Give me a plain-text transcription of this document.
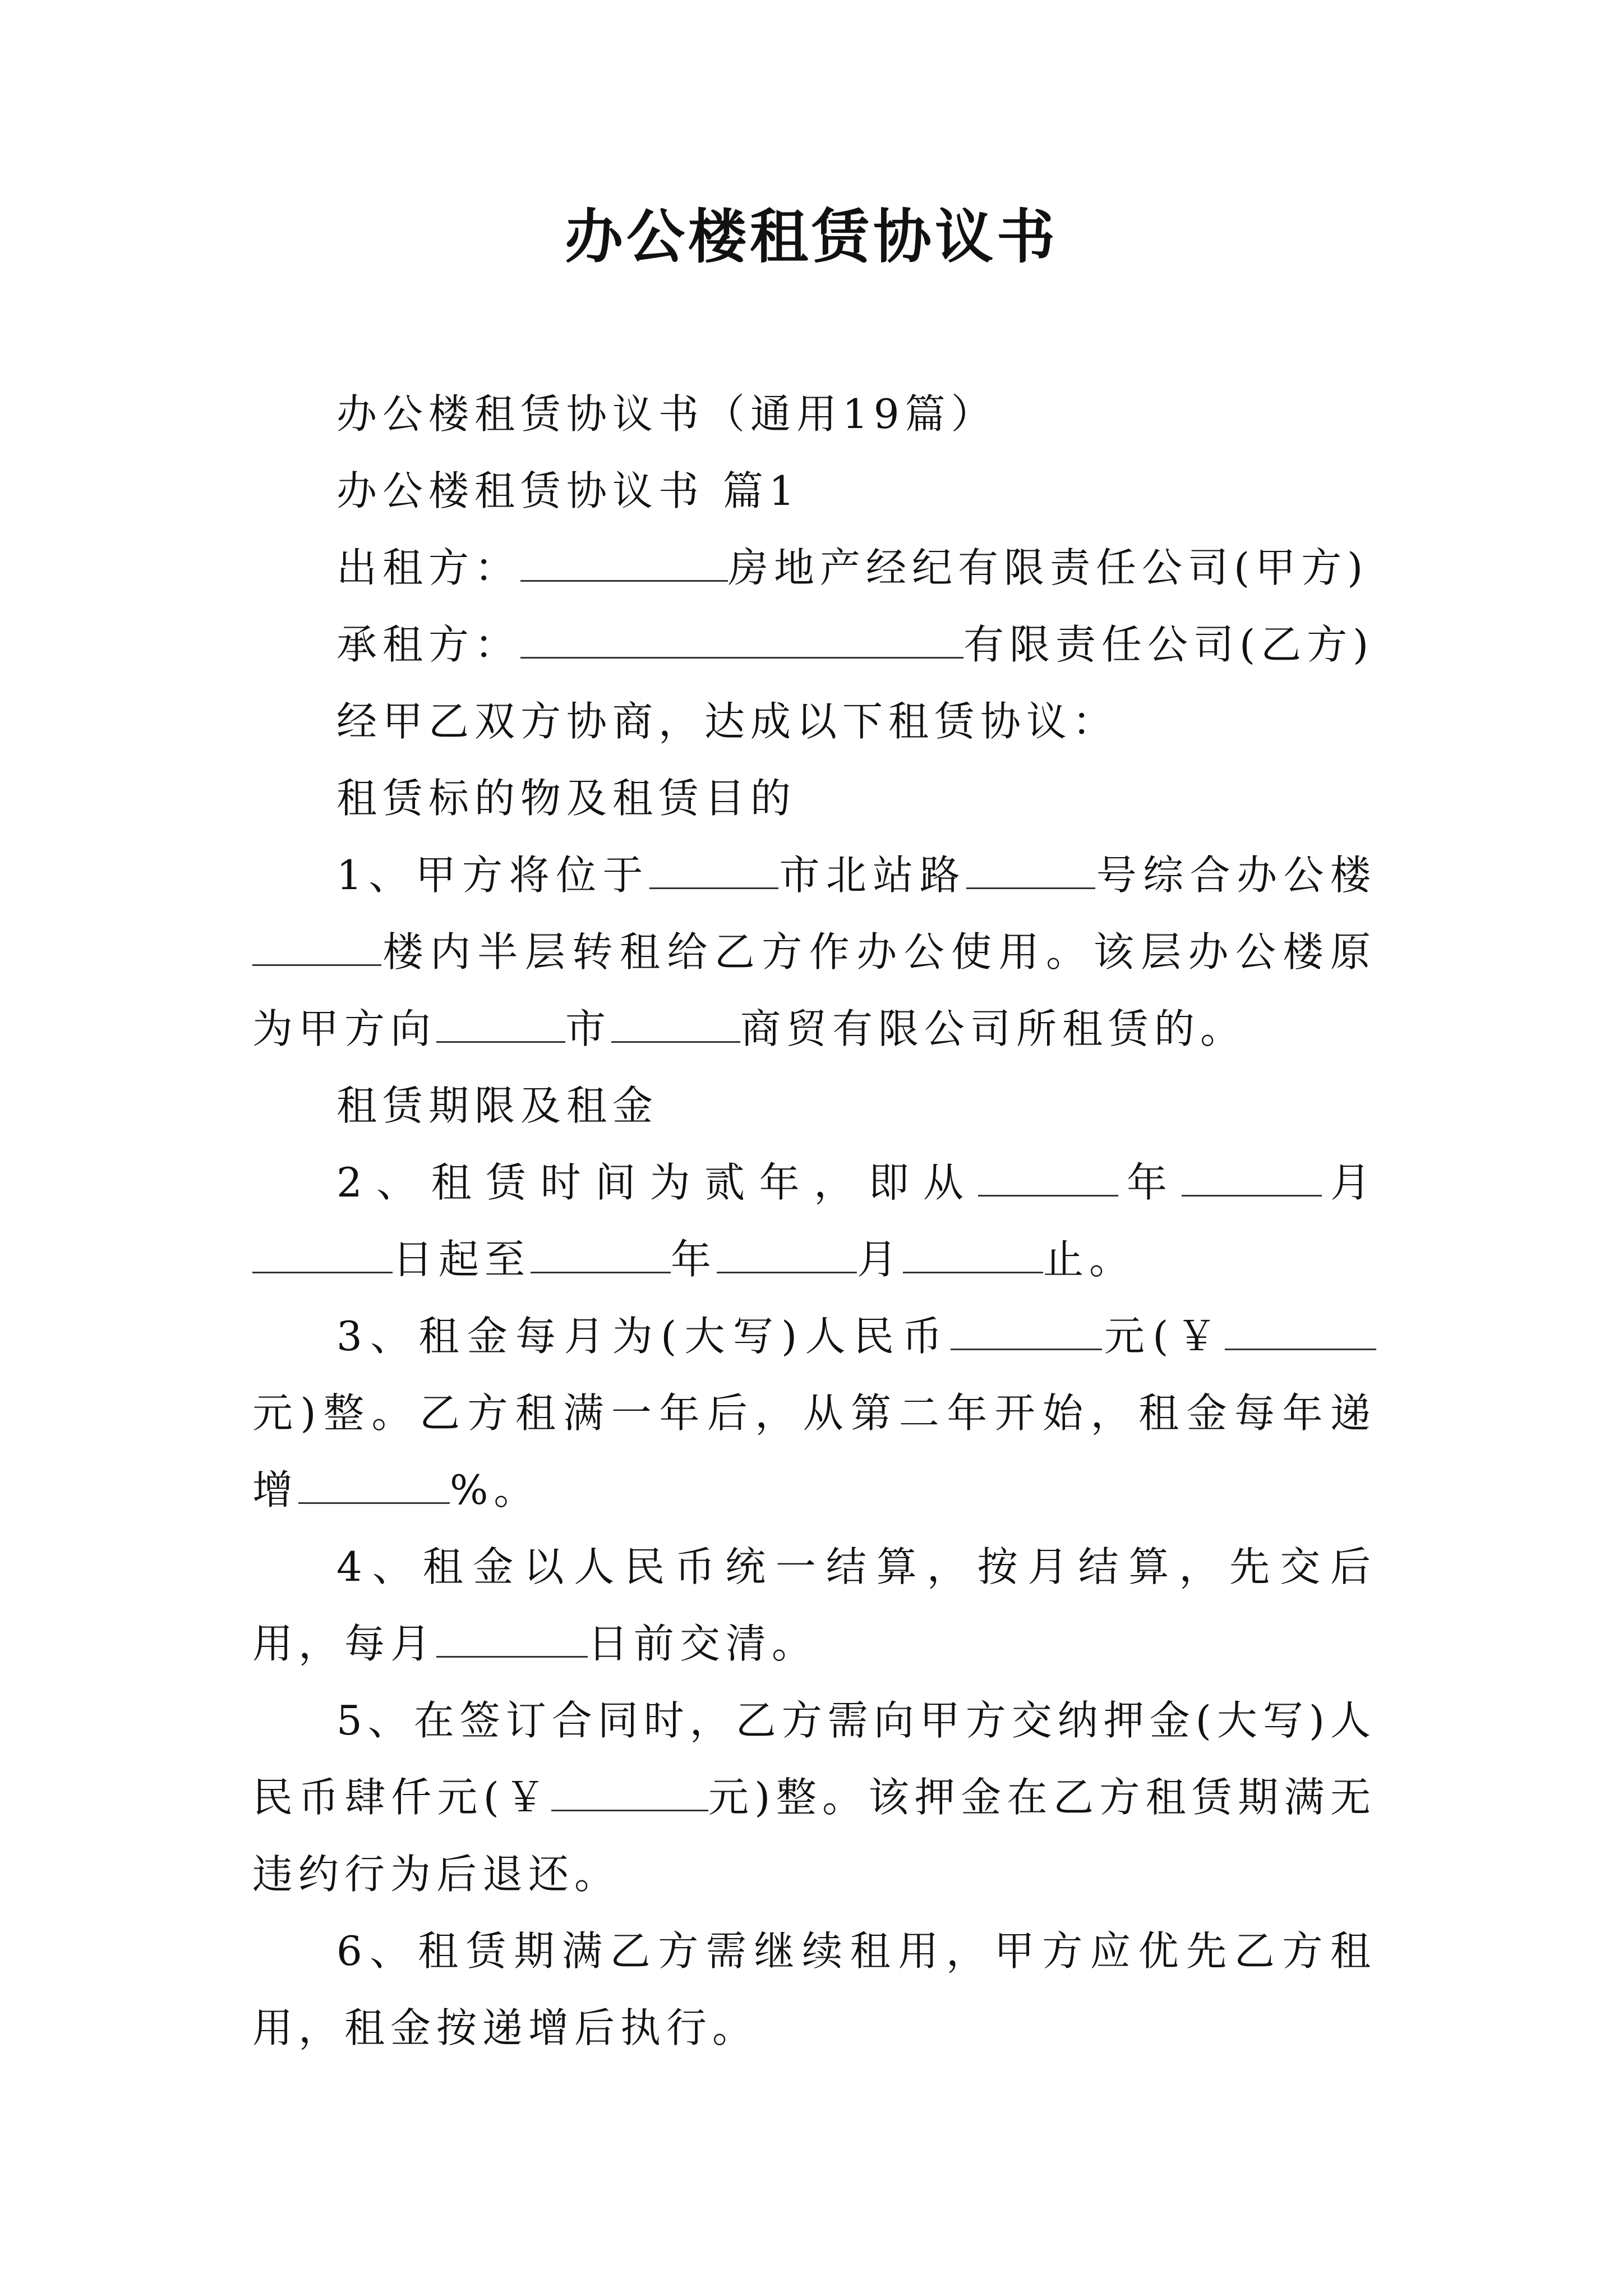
办公楼租赁协议书

办公楼租赁协议书（通用19篇）

办公楼租赁协议书 篇1

出租方：	房地产经纪有限责任公司(甲方)

承租方：	有限责任公司(乙方)

经甲乙双方协商，达成以下租赁协议：

租赁标的物及租赁目的

1、甲方将位于	市北站路	号综合办公楼楼内半层转租给乙方作办公使用。该层办公楼原为甲方向	市	商贸有限公司所租赁的。

租赁期限及租金

2、租赁时间为贰年，即从	年	月日起至	年	月	止。

3、租金每月为(大写)人民币	元(￥元)整。乙方租满一年后，从第二年开始，租金每年递增	%。

4、租金以人民币统一结算，按月结算，先交后用，每月	日前交清。

5、在签订合同时，乙方需向甲方交纳押金(大写)人民币肆仟元(￥	元)整。该押金在乙方租赁期满无违约行为后退还。

6、租赁期满乙方需继续租用，甲方应优先乙方租用，租金按递增后执行。
